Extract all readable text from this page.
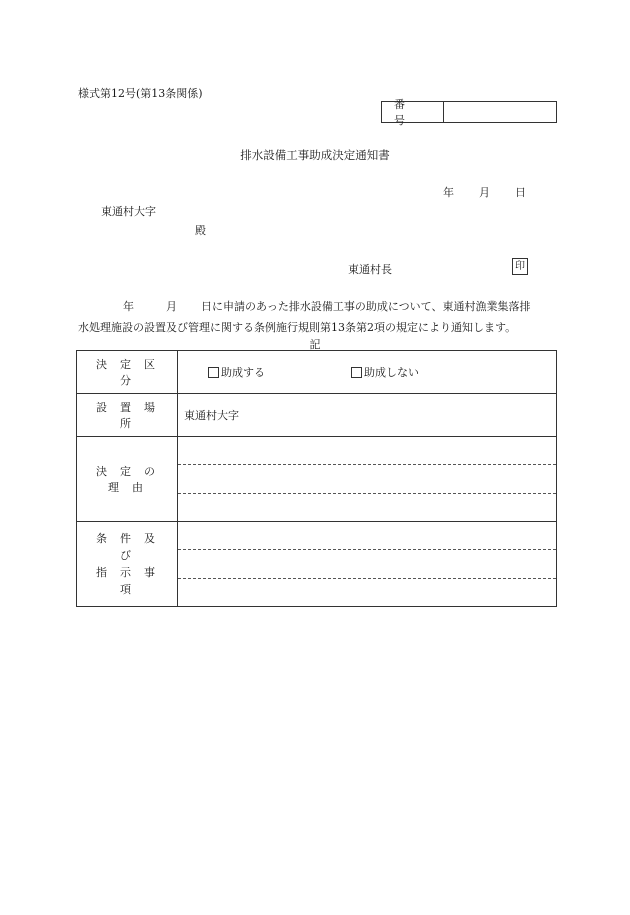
様式第12号(第13条関係)
番号
排水設備工事助成決定通知書
年	月	日
東通村大字
殿
東通村長	印
年	月 日に申請のあった排水設備工事の助成について、東通村漁業集落排
水処理施設の設置及び管理に関する条例施行規則第13条第2項の規定により通知します。
記
決定区分	助成する 助成しない

設置場所	東通村大字
決定の理由	

条件及び
指示事項	
